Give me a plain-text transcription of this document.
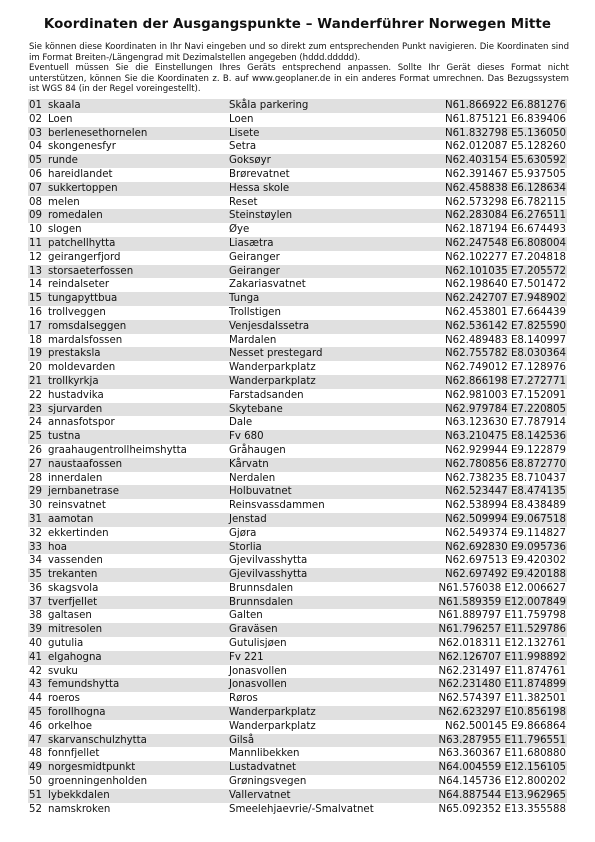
Koordinaten der Ausgangspunkte – Wanderführer Norwegen Mitte

Sie können diese Koordinaten in Ihr Navi eingeben und so direkt zum entsprechenden Punkt navigieren. Die Koordinaten sind im Format Breiten-/Längengrad mit Dezimalstellen angegeben (hddd.ddddd).

Eventuell müssen Sie die Einstellungen Ihres Geräts entsprechend anpassen. Sollte Ihr Gerät dieses Format nicht unterstützen, können Sie die Koordinaten z. B. auf www.geoplaner.de in ein anderes Format umrechnen. Das Bezugssystem ist WGS 84 (in der Regel voreingestellt).

01 skaala	Skåla parkering	N61.866922 E6.881276
02 Loen	Loen	N61.875121 E6.839406
03 berlenesethornelen	Lisete	N61.832798 E5.136050
04 skongenesfyr	Setra	N62.012087 E5.128260
05 runde	Goksøyr	N62.403154 E5.630592
06 hareidlandet	Brørevatnet	N62.391467 E5.937505
07 sukkertoppen	Hessa skole	N62.458838 E6.128634
08 melen	Reset	N62.573298 E6.782115
09 romedalen	Steinstøylen	N62.283084 E6.276511
10 slogen	Øye	N62.187194 E6.674493
11 patchellhytta	Liasætra	N62.247548 E6.808004
12 geirangerfjord	Geiranger	N62.102277 E7.204818
13 storsaeterfossen	Geiranger	N62.101035 E7.205572
14 reindalseter	Zakariasvatnet	N62.198640 E7.501472
15 tungapyttbua	Tunga	N62.242707 E7.948902
16 trollveggen	Trollstigen	N62.453801 E7.664439
17 romsdalseggen	Venjesdalssetra	N62.536142 E7.825590
18 mardalsfossen	Mardalen	N62.489483 E8.140997
19 prestaksla	Nesset prestegard	N62.755782 E8.030364
20 moldevarden	Wanderparkplatz	N62.749012 E7.128976
21 trollkyrkja	Wanderparkplatz	N62.866198 E7.272771
22 hustadvika	Farstadsanden	N62.981003 E7.152091
23 sjurvarden	Skytebane	N62.979784 E7.220805
24 annasfotspor	Dale	N63.123630 E7.787914
25 tustna	Fv 680	N63.210475 E8.142536
26 graahaugentrollheimshytta	Gråhaugen	N62.929944 E9.122879
27 naustaafossen	Kårvatn	N62.780856 E8.872770
28 innerdalen	Nerdalen	N62.738235 E8.710437
29 jernbanetrase	Holbuvatnet	N62.523447 E8.474135
30 reinsvatnet	Reinsvassdammen	N62.538994 E8.438489
31 aamotan	Jenstad	N62.509994 E9.067518
32 ekkertinden	Gjøra	N62.549374 E9.114827
33 hoa	Storlia	N62.692830 E9.095736
34 vassenden	Gjevilvasshytta	N62.697513 E9.420302
35 trekanten	Gjevilvasshytta	N62.697492 E9.420188
36 skagsvola	Brunnsdalen	N61.576038 E12.006627
37 tverfjellet	Brunnsdalen	N61.589359 E12.007849
38 galtasen	Galten	N61.889797 E11.759798
39 mitresolen	Graväsen	N61.796257 E11.529786
40 gutulia	Gutulisjøen	N62.018311 E12.132761
41 elgahogna	Fv 221	N62.126707 E11.998892
42 svuku	Jonasvollen	N62.231497 E11.874761
43 femundshytta	Jonasvollen	N62.231480 E11.874899
44 roeros	Røros	N62.574397 E11.382501
45 forollhogna	Wanderparkplatz	N62.623297 E10.856198
46 orkelhoe	Wanderparkplatz	N62.500145 E9.866864
47 skarvanschulzhytta	Gilså	N63.287955 E11.796551
48 fonnfjellet	Mannlibekken	N63.360367 E11.680880
49 norgesmidtpunkt	Lustadvatnet	N64.004559 E12.156105
50 groenningenholden	Grøningsvegen	N64.145736 E12.800202
51 lybekkdalen	Vallervatnet	N64.887544 E13.962965
52 namskroken	Smeelehjaevrie/-Smalvatnet	N65.092352 E13.355588
